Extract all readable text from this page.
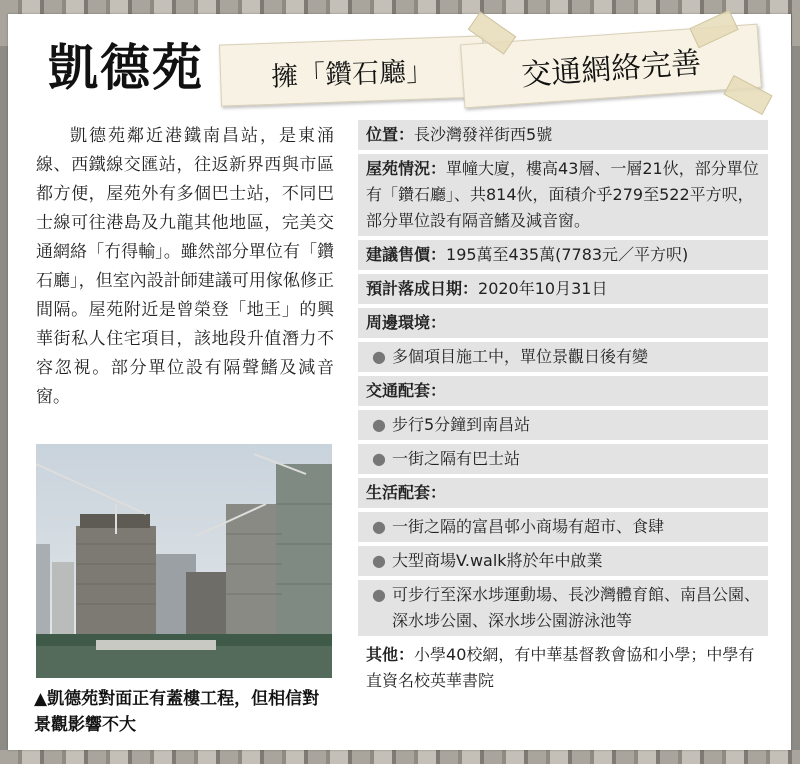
凱德苑	擁「鑽石廳」	交通網絡完善

凱德苑鄰近港鐵南昌站，是東涌線、西鐵線交匯站，往返新界西與市區都方便，屋苑外有多個巴士站，不同巴士線可往港島及九龍其他地區，完美交通網絡「冇得輸」。雖然部分單位有「鑽石廳」，但室內設計師建議可用傢俬修正間隔。屋苑附近是曾榮登「地王」的興華街私人住宅項目，該地段升值潛力不容忽視。部分單位設有隔聲鰭及減音窗。

▲凱德苑對面正有蓋樓工程，但相信對景觀影響不大
位置：長沙灣發祥街西5號
屋苑情況：單幢大廈，樓高43層、一層21伙，部分單位有「鑽石廳」、共814伙，面積介乎279至522平方呎，部分單位設有隔音鰭及減音窗。
建議售價：195萬至435萬(7783元／平方呎)
預計落成日期：2020年10月31日
周邊環境：
● 多個項目施工中，單位景觀日後有變
交通配套：
● 步行5分鐘到南昌站
● 一街之隔有巴士站
生活配套：
● 一街之隔的富昌邨小商場有超市、食肆
● 大型商場V.walk將於年中啟業
● 可步行至深水埗運動場、長沙灣體育館、南昌公園、深水埗公園、深水埗公園游泳池等
其他：小學40校網，有中華基督教會協和小學；中學有直資名校英華書院
